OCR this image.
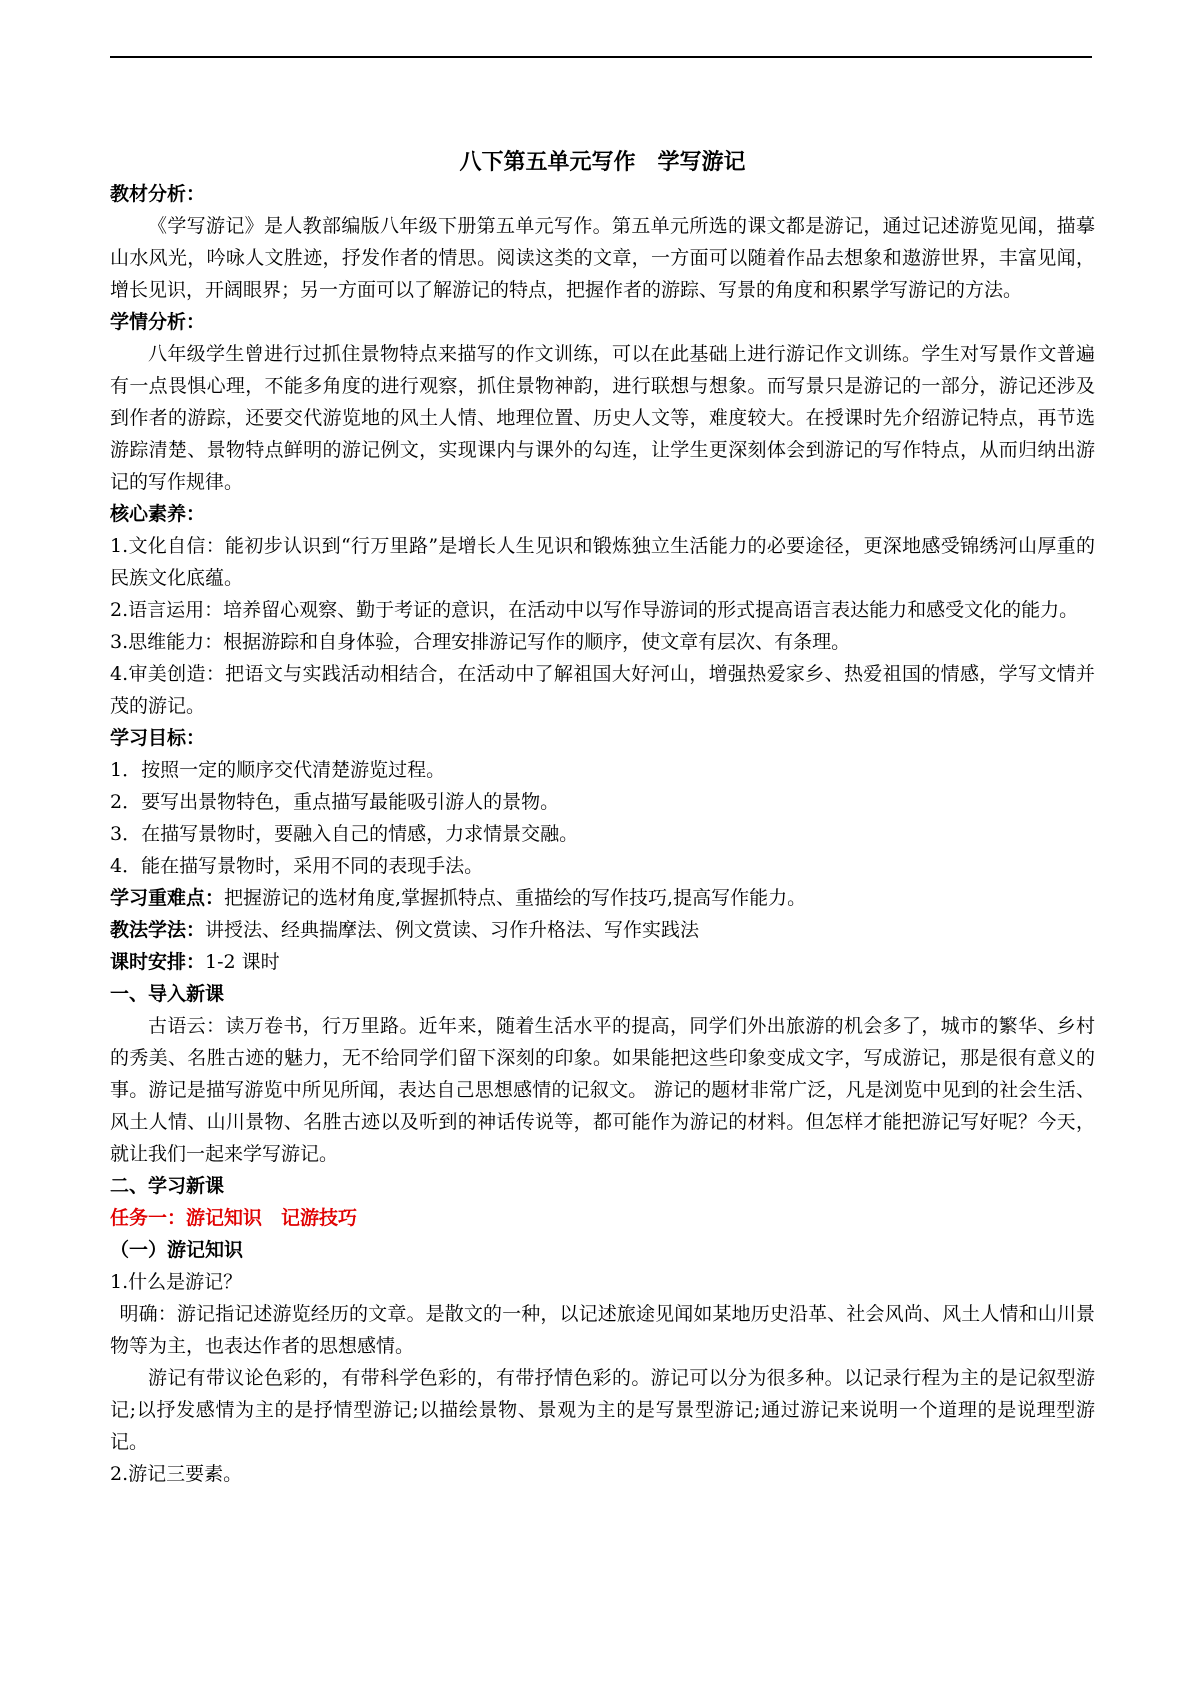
八下第五单元写作　学写游记
教材分析：
《学写游记》是人教部编版八年级下册第五单元写作。第五单元所选的课文都是游记，通过记述游览见闻，描摹山水风光，吟咏人文胜迹，抒发作者的情思。阅读这类的文章，一方面可以随着作品去想象和遨游世界，丰富见闻，增长见识，开阔眼界；另一方面可以了解游记的特点，把握作者的游踪、写景的角度和积累学写游记的方法。
学情分析：
八年级学生曾进行过抓住景物特点来描写的作文训练，可以在此基础上进行游记作文训练。学生对写景作文普遍有一点畏惧心理，不能多角度的进行观察，抓住景物神韵，进行联想与想象。而写景只是游记的一部分，游记还涉及到作者的游踪，还要交代游览地的风土人情、地理位置、历史人文等，难度较大。在授课时先介绍游记特点，再节选游踪清楚、景物特点鲜明的游记例文，实现课内与课外的勾连，让学生更深刻体会到游记的写作特点，从而归纳出游记的写作规律。
核心素养：
1.文化自信：能初步认识到“行万里路”是增长人生见识和锻炼独立生活能力的必要途径，更深地感受锦绣河山厚重的民族文化底蕴。
2.语言运用：培养留心观察、勤于考证的意识，在活动中以写作导游词的形式提高语言表达能力和感受文化的能力。
3.思维能力：根据游踪和自身体验，合理安排游记写作的顺序，使文章有层次、有条理。
4.审美创造：把语文与实践活动相结合，在活动中了解祖国大好河山，增强热爱家乡、热爱祖国的情感，学写文情并茂的游记。
学习目标：
1．按照一定的顺序交代清楚游览过程。
2．要写出景物特色，重点描写最能吸引游人的景物。
3．在描写景物时，要融入自己的情感，力求情景交融。
4．能在描写景物时，采用不同的表现手法。
学习重难点：把握游记的选材角度,掌握抓特点、重描绘的写作技巧,提高写作能力。
教法学法：讲授法、经典揣摩法、例文赏读、习作升格法、写作实践法
课时安排：1-2 课时
一、导入新课
古语云：读万卷书，行万里路。近年来，随着生活水平的提高，同学们外出旅游的机会多了，城市的繁华、乡村的秀美、名胜古迹的魅力，无不给同学们留下深刻的印象。如果能把这些印象变成文字，写成游记，那是很有意义的事。游记是描写游览中所见所闻，表达自己思想感情的记叙文。 游记的题材非常广泛，凡是浏览中见到的社会生活、风土人情、山川景物、名胜古迹以及听到的神话传说等，都可能作为游记的材料。但怎样才能把游记写好呢？今天，就让我们一起来学写游记。
二、学习新课
任务一：游记知识　记游技巧
（一）游记知识
1.什么是游记？
明确：游记指记述游览经历的文章。是散文的一种，以记述旅途见闻如某地历史沿革、社会风尚、风土人情和山川景物等为主，也表达作者的思想感情。
游记有带议论色彩的，有带科学色彩的，有带抒情色彩的。游记可以分为很多种。以记录行程为主的是记叙型游记;以抒发感情为主的是抒情型游记;以描绘景物、景观为主的是写景型游记;通过游记来说明一个道理的是说理型游记。
2.游记三要素。
